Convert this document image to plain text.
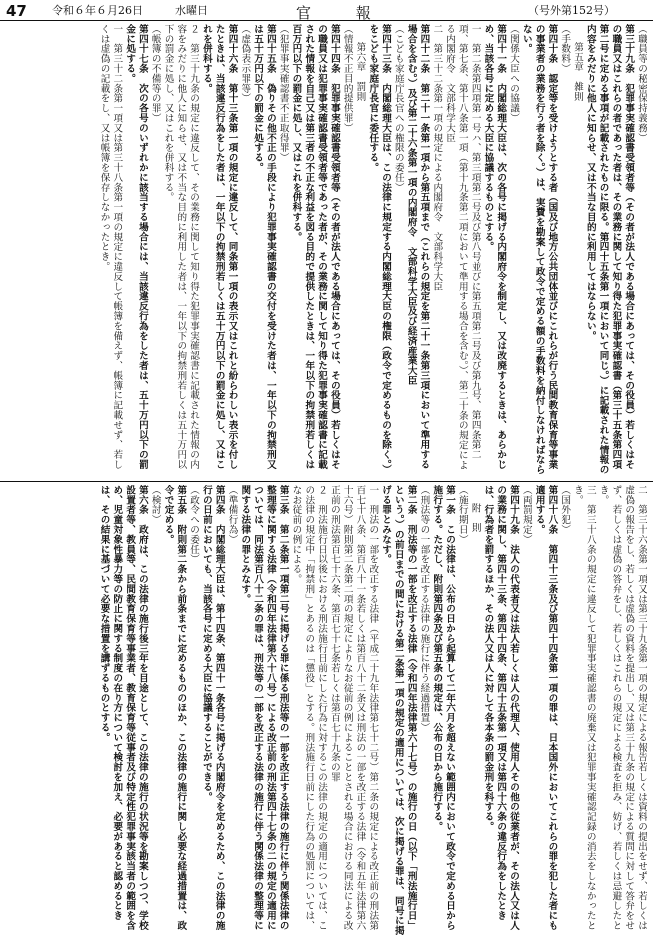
47 令和６年６月26日	水曜日	官 報	（号外第152号）
（職員等の秘密保持義務）
第三十九条　犯罪事実確認書受領者等（その者が法人である場合にあっては、その役員）若しくはその職員又はこれらの者であった者は、その業務に関して知り得た犯罪事実確認書（第三十五条第四項第二号に定める事項が記載されたものに限る。第四十五条第一項において同じ。）に記載された情報の内容をみだりに他人に知らせ、又は不当な目的に利用してはならない。
第五章　雑則
（手数料）
第四十条　認定等を受けようとする者（国及び地方公共団体並びにこれらが行う民間教育保育等事業の事業者の業務を行う者を除く。）は、実費を勘案して政令で定める額の手数料を納付しなければならない。
（関係大臣への協議）
第四十一条　内閣総理大臣は、次の各号に掲げる内閣府令を制定し、又は改廃するときは、あらかじめ、当該各号に定める大臣に協議するものとする。
一　第二条第四項第一号ハ、第三項第二号及び第八号並びに第五項第二号及び第九号、第四条第二項、第七条、第十八条第一項（第十九条第二項において準用する場合を含む。）、第二十条の規定による内閣府令　文部科学大臣
二　第三十二条第一項の規定による内閣府令　文部科学大臣
第四十二条　第二十一条第一項から第五項まで（これらの規定を第二十一条第三項において準用する場合を含む。）及び第二十六条第一項の内閣府令　文部科学大臣及び経済産業大臣
（こども家庭庁長官への権限の委任）
第四十三条　内閣総理大臣は、この法律に規定する内閣総理大臣の権限（政令で定めるものを除く。）をこども家庭庁長官に委任する。
第六章　罰則
（情報不正目的提供罪）
第四十四条　犯罪事実確認書受領者等（その者が法人である場合にあっては、その役員）若しくはその職員又は犯罪事実確認書受領者等であった者が、その業務に関して知り得た犯罪事実確認書に記載された情報を自己又は第三者の不正な利益を図る目的で提供したときは、一年以下の拘禁刑若しくは百万円以下の罰金に処し、又はこれを併科する。
（犯罪事実確認書不正取得罪）
第四十五条　偽りその他不正の手段により犯罪事実確認書の交付を受けた者は、一年以下の拘禁刑又は五十万円以下の罰金に処する。
（虚偽表示罪等）
第四十六条　第十三条第一項の規定に違反して、同条第一項の表示又はこれと紛らわしい表示を付したときは、当該違反行為をした者は、一年以下の拘禁刑若しくは五十万円以下の罰金に処し、又はこれを併科する。
２　第三十九条の規定に違反して、その業務に関して知り得た犯罪事実確認書に記載された情報の内容をみだりに他人に知らせ、又は不当な目的に利用した者は、一年以下の拘禁刑若しくは五十万円以下の罰金に処し、又はこれを併科する。
（帳簿の不備等の罪）
第四十七条　次の各号のいずれかに該当する場合には、当該違反行為をした者は、五十万円以下の罰金に処する。
一　第三十二条第一項又は第三十八条第一項の規定に違反して帳簿を備えず、帳簿に記載せず、若しくは虚偽の記載をし、又は帳簿を保存しなかったとき。
二　第三十六条第一項又は第三十九条第一項の規定による報告若しくは資料の提出をせず、若しくは虚偽の報告をし、若しくは虚偽の資料を提出し、又は第三十九条の規定による質問に対して答弁をせず、若しくは虚偽の答弁をし、若しくはこれらの規定による検査を拒み、妨げ、若しくは忌避したとき。
三　第三十八条の規定に違反して犯罪事実確認書の廃棄又は犯罪事実確認記録の消去をしなかったとき。
（国外犯）
第四十八条　第四十三条及び第四十四条第一項の罪は、日本国外においてこれらの罪を犯した者にも適用する。
（両罰規定）
第四十九条　法人の代表者又は法人若しくは人の代理人、使用人その他の従業者が、その法人又は人の業務に関し、第四十三条、第四十四条、第四十五条第一項又は第四十六条の違反行為をしたときは、行為者を罰するほか、その法人又は人に対して各本条の罰金刑を科する。
附　則
（施行期日）
第一条　この法律は、公布の日から起算して二年六月を超えない範囲内において政令で定める日から施行する。ただし、附則第四条及び第五条の規定は、公布の日から施行する。
（刑法等の一部を改正する法律の施行に伴う経過措置）
第二条　刑法等の一部を改正する法律（令和四年法律第六十七号）の施行の日（以下「刑法施行日」という。）の前日までの間における第二条第一項の規定の適用については、次に掲げる罪は、同号に掲げる罪とみなす。
一　刑法の一部を改正する法律（平成二十九年法律第七十二号）第二条の規定による改正前の刑法第百七十八条、第百八十一条若しくは第百八十二条又は刑法の一部を改正する法律（令和五年法律第六十六号）附則第二条第二項の規定によりなお従前の例によることとされる場合における同法による改正前の刑法第百七十六条、第百七十七条若しくは第百七十九条の罪
２　刑法施行日以後における刑法施行日前にした行為に対するこの法律の規定の適用については、この法律の規定中「拘禁刑」とあるのは「懲役」とする。刑法施行日前にした行為の処罰については、なお従前の例による。
第三条　第二条第一項第二号に掲げる罪に係る刑法等の一部を改正する法律の施行に伴う関係法律の整理等に関する法律（令和四年法律第六十八号）による改正前の刑法第四十七条の二の規定の適用については、同法第百八十二条の罪は、刑法等の一部を改正する法律の施行に伴う関係法律の整理等に関する法律の罪とみなす。
（準備行為）
第四条　内閣総理大臣は、第十四条、第四十一条各号に掲げる内閣府令を定めるため、この法律の施行の日前においても、当該各号に定める大臣に協議することができる。
（政令への委任）
第五条　附則第二条から前条までに定めるもののほか、この法律の施行に関し必要な経過措置は、政令で定める。
（検討）
第六条　政府は、この法律の施行後三年を目途として、この法律の施行の状況等を勘案しつつ、学校設置者等、教員等、民間教育保育等事業者、教育保育等従事者及び特定性犯罪事実該当者の範囲を含め、児童対象性暴力等の防止に関する制度の在り方について検討を加え、必要があると認めるときは、その結果に基づいて必要な措置を講ずるものとする。
